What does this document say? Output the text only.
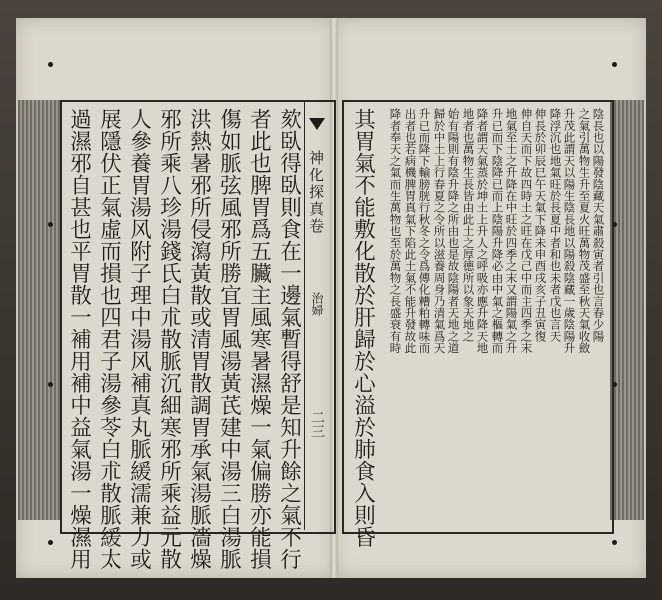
欬臥得臥則食在一邊氣暫得舒是知升餘之氣不行
者此也脾胃爲五臟主風寒暑濕燥一氣偏勝亦能損
傷如脈弦風邪所勝宜胃風湯黃芪建中湯三白湯脈
洪熱暑邪所侵瀉黃散或清胃散調胃承氣湯脈濇燥
邪所乘八珍湯錢氏白朮散脈沉細寒邪所乘益元散
人參養胃湯风附子理中湯风補真丸脈緩濡兼力或
展隱伏正氣虛而損也四君子湯參苓白朮散脈緩太
過濕邪自甚也平胃散一補用補中益氣湯一燥濕用	神化探真卷
治婦
二三
陰長也以陽發陰藏天氣肅殺寅者引也言春少陽
之氣引萬物生升至夏火旺萬物茂盛至秋天氣收斂
升茂此謂天以陽生陰長地以陽殺陰藏一歲陰陽升
降浮沉也地氣旺於長夏中者和也未者戊也言天
伸長於卯辰巳午天氣下降未申酉戌亥子丑寅復
伸自天而下故四時土之旺在戊己中而主四季之末
地氣至土之升降在中旺於四季之末又謂陽氣之升
升已而下陰降已而上陰陽升降必由中氣之樞轉而
降者謂天氣蒸於坤土上升人之呼吸亦應升降天地
地者也萬物生長皆由此土之厚德所以象天地之
始有陽則有陰升降之所由也是故陰陽者天地之道
歸於中土上行春夏之令所以滋養周身乃清氣爲天
升已而降下輸膀胱行秋冬之令爲傳化糟粕轉味而
出者也若病機脾胃真氣下陷此土氣不能升發故此
降者奉天之氣而生萬物也至於萬物之長盛衰有時
其胃氣不能敷化散於肝歸於心溢於肺食入則昏
